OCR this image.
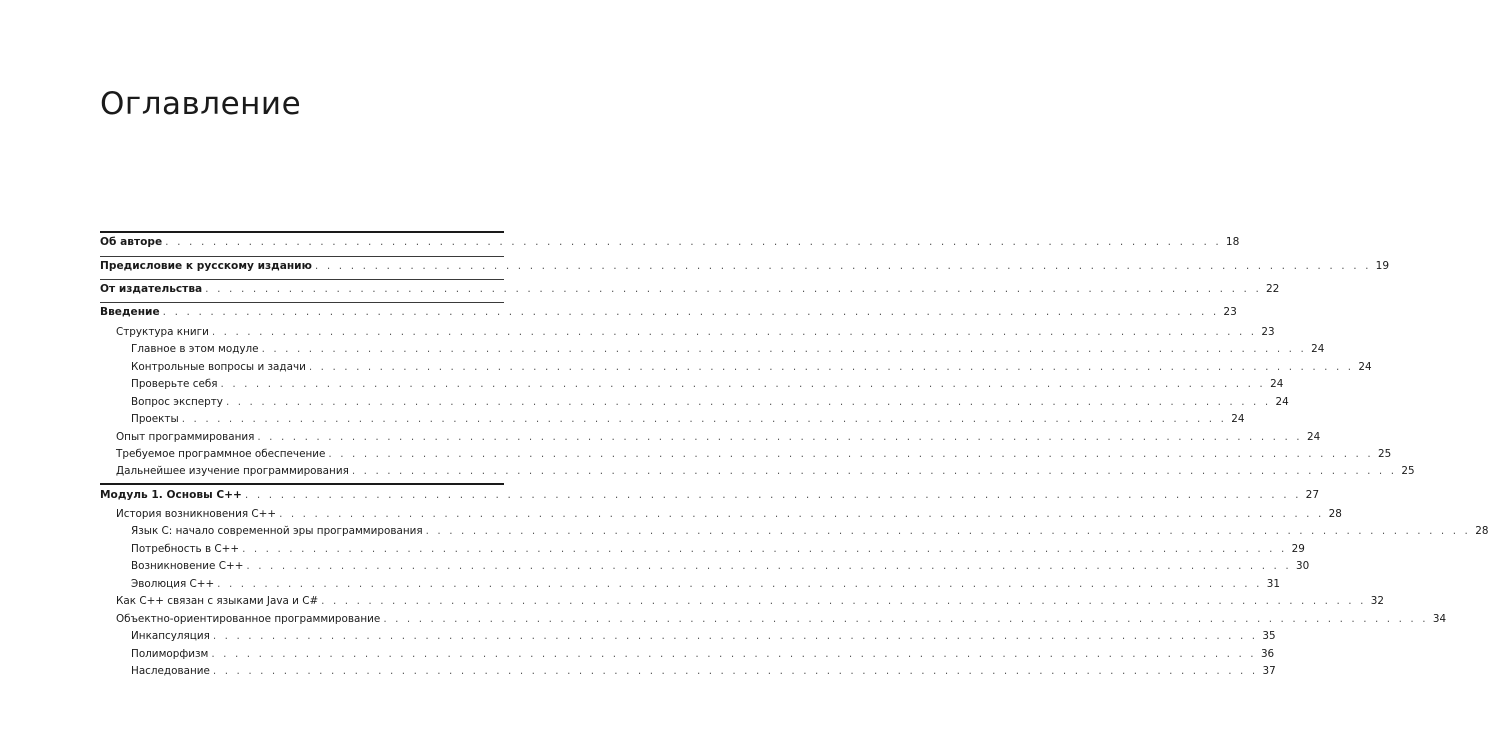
Оглавление
Об авторе . . . . . . . . . . . . . . . . . . . . . . . . . . . . . . . . . . . . . . . . . . . . . . . . . . . . . . . . . . . . . . . . . . . . . . . . . . . . . . . . . . . . . . . . . 18
Предисловие к русскому изданию . . . . . . . . . . . . . . . . . . . . . . . . . . . . . . . . . . . . . . . . . . . . . . . . . . . . . . . . . . . . . . . . . . . . . . . . . . . . . . . . . . . . . . . . . 19
От издательства . . . . . . . . . . . . . . . . . . . . . . . . . . . . . . . . . . . . . . . . . . . . . . . . . . . . . . . . . . . . . . . . . . . . . . . . . . . . . . . . . . . . . . . . . 22
Введение . . . . . . . . . . . . . . . . . . . . . . . . . . . . . . . . . . . . . . . . . . . . . . . . . . . . . . . . . . . . . . . . . . . . . . . . . . . . . . . . . . . . . . . . . 23
Структура книги . . . . . . . . . . . . . . . . . . . . . . . . . . . . . . . . . . . . . . . . . . . . . . . . . . . . . . . . . . . . . . . . . . . . . . . . . . . . . . . . . . . . . . . . . 23
Главное в этом модуле . . . . . . . . . . . . . . . . . . . . . . . . . . . . . . . . . . . . . . . . . . . . . . . . . . . . . . . . . . . . . . . . . . . . . . . . . . . . . . . . . . . . . . . . . 24
Контрольные вопросы и задачи . . . . . . . . . . . . . . . . . . . . . . . . . . . . . . . . . . . . . . . . . . . . . . . . . . . . . . . . . . . . . . . . . . . . . . . . . . . . . . . . . . . . . . . . . 24
Проверьте себя . . . . . . . . . . . . . . . . . . . . . . . . . . . . . . . . . . . . . . . . . . . . . . . . . . . . . . . . . . . . . . . . . . . . . . . . . . . . . . . . . . . . . . . . . 24
Вопрос эксперту . . . . . . . . . . . . . . . . . . . . . . . . . . . . . . . . . . . . . . . . . . . . . . . . . . . . . . . . . . . . . . . . . . . . . . . . . . . . . . . . . . . . . . . . . 24
Проекты . . . . . . . . . . . . . . . . . . . . . . . . . . . . . . . . . . . . . . . . . . . . . . . . . . . . . . . . . . . . . . . . . . . . . . . . . . . . . . . . . . . . . . . . . 24
Опыт программирования . . . . . . . . . . . . . . . . . . . . . . . . . . . . . . . . . . . . . . . . . . . . . . . . . . . . . . . . . . . . . . . . . . . . . . . . . . . . . . . . . . . . . . . . . 24
Требуемое программное обеспечение . . . . . . . . . . . . . . . . . . . . . . . . . . . . . . . . . . . . . . . . . . . . . . . . . . . . . . . . . . . . . . . . . . . . . . . . . . . . . . . . . . . . . . . . . 25
Дальнейшее изучение программирования . . . . . . . . . . . . . . . . . . . . . . . . . . . . . . . . . . . . . . . . . . . . . . . . . . . . . . . . . . . . . . . . . . . . . . . . . . . . . . . . . . . . . . . . . 25
Модуль 1. Основы C++ . . . . . . . . . . . . . . . . . . . . . . . . . . . . . . . . . . . . . . . . . . . . . . . . . . . . . . . . . . . . . . . . . . . . . . . . . . . . . . . . . . . . . . . . . 27
История возникновения C++ . . . . . . . . . . . . . . . . . . . . . . . . . . . . . . . . . . . . . . . . . . . . . . . . . . . . . . . . . . . . . . . . . . . . . . . . . . . . . . . . . . . . . . . . . 28
Язык C: начало современной эры программирования . . . . . . . . . . . . . . . . . . . . . . . . . . . . . . . . . . . . . . . . . . . . . . . . . . . . . . . . . . . . . . . . . . . . . . . . . . . . . . . . . . . . . . . . . 28
Потребность в C++ . . . . . . . . . . . . . . . . . . . . . . . . . . . . . . . . . . . . . . . . . . . . . . . . . . . . . . . . . . . . . . . . . . . . . . . . . . . . . . . . . . . . . . . . . 29
Возникновение C++ . . . . . . . . . . . . . . . . . . . . . . . . . . . . . . . . . . . . . . . . . . . . . . . . . . . . . . . . . . . . . . . . . . . . . . . . . . . . . . . . . . . . . . . . . 30
Эволюция C++ . . . . . . . . . . . . . . . . . . . . . . . . . . . . . . . . . . . . . . . . . . . . . . . . . . . . . . . . . . . . . . . . . . . . . . . . . . . . . . . . . . . . . . . . . 31
Как C++ связан с языками Java и C# . . . . . . . . . . . . . . . . . . . . . . . . . . . . . . . . . . . . . . . . . . . . . . . . . . . . . . . . . . . . . . . . . . . . . . . . . . . . . . . . . . . . . . . . . 32
Объектно-ориентированное программирование . . . . . . . . . . . . . . . . . . . . . . . . . . . . . . . . . . . . . . . . . . . . . . . . . . . . . . . . . . . . . . . . . . . . . . . . . . . . . . . . . . . . . . . . . 34
Инкапсуляция . . . . . . . . . . . . . . . . . . . . . . . . . . . . . . . . . . . . . . . . . . . . . . . . . . . . . . . . . . . . . . . . . . . . . . . . . . . . . . . . . . . . . . . . . 35
Полиморфизм . . . . . . . . . . . . . . . . . . . . . . . . . . . . . . . . . . . . . . . . . . . . . . . . . . . . . . . . . . . . . . . . . . . . . . . . . . . . . . . . . . . . . . . . . 36
Наследование . . . . . . . . . . . . . . . . . . . . . . . . . . . . . . . . . . . . . . . . . . . . . . . . . . . . . . . . . . . . . . . . . . . . . . . . . . . . . . . . . . . . . . . . . 37
